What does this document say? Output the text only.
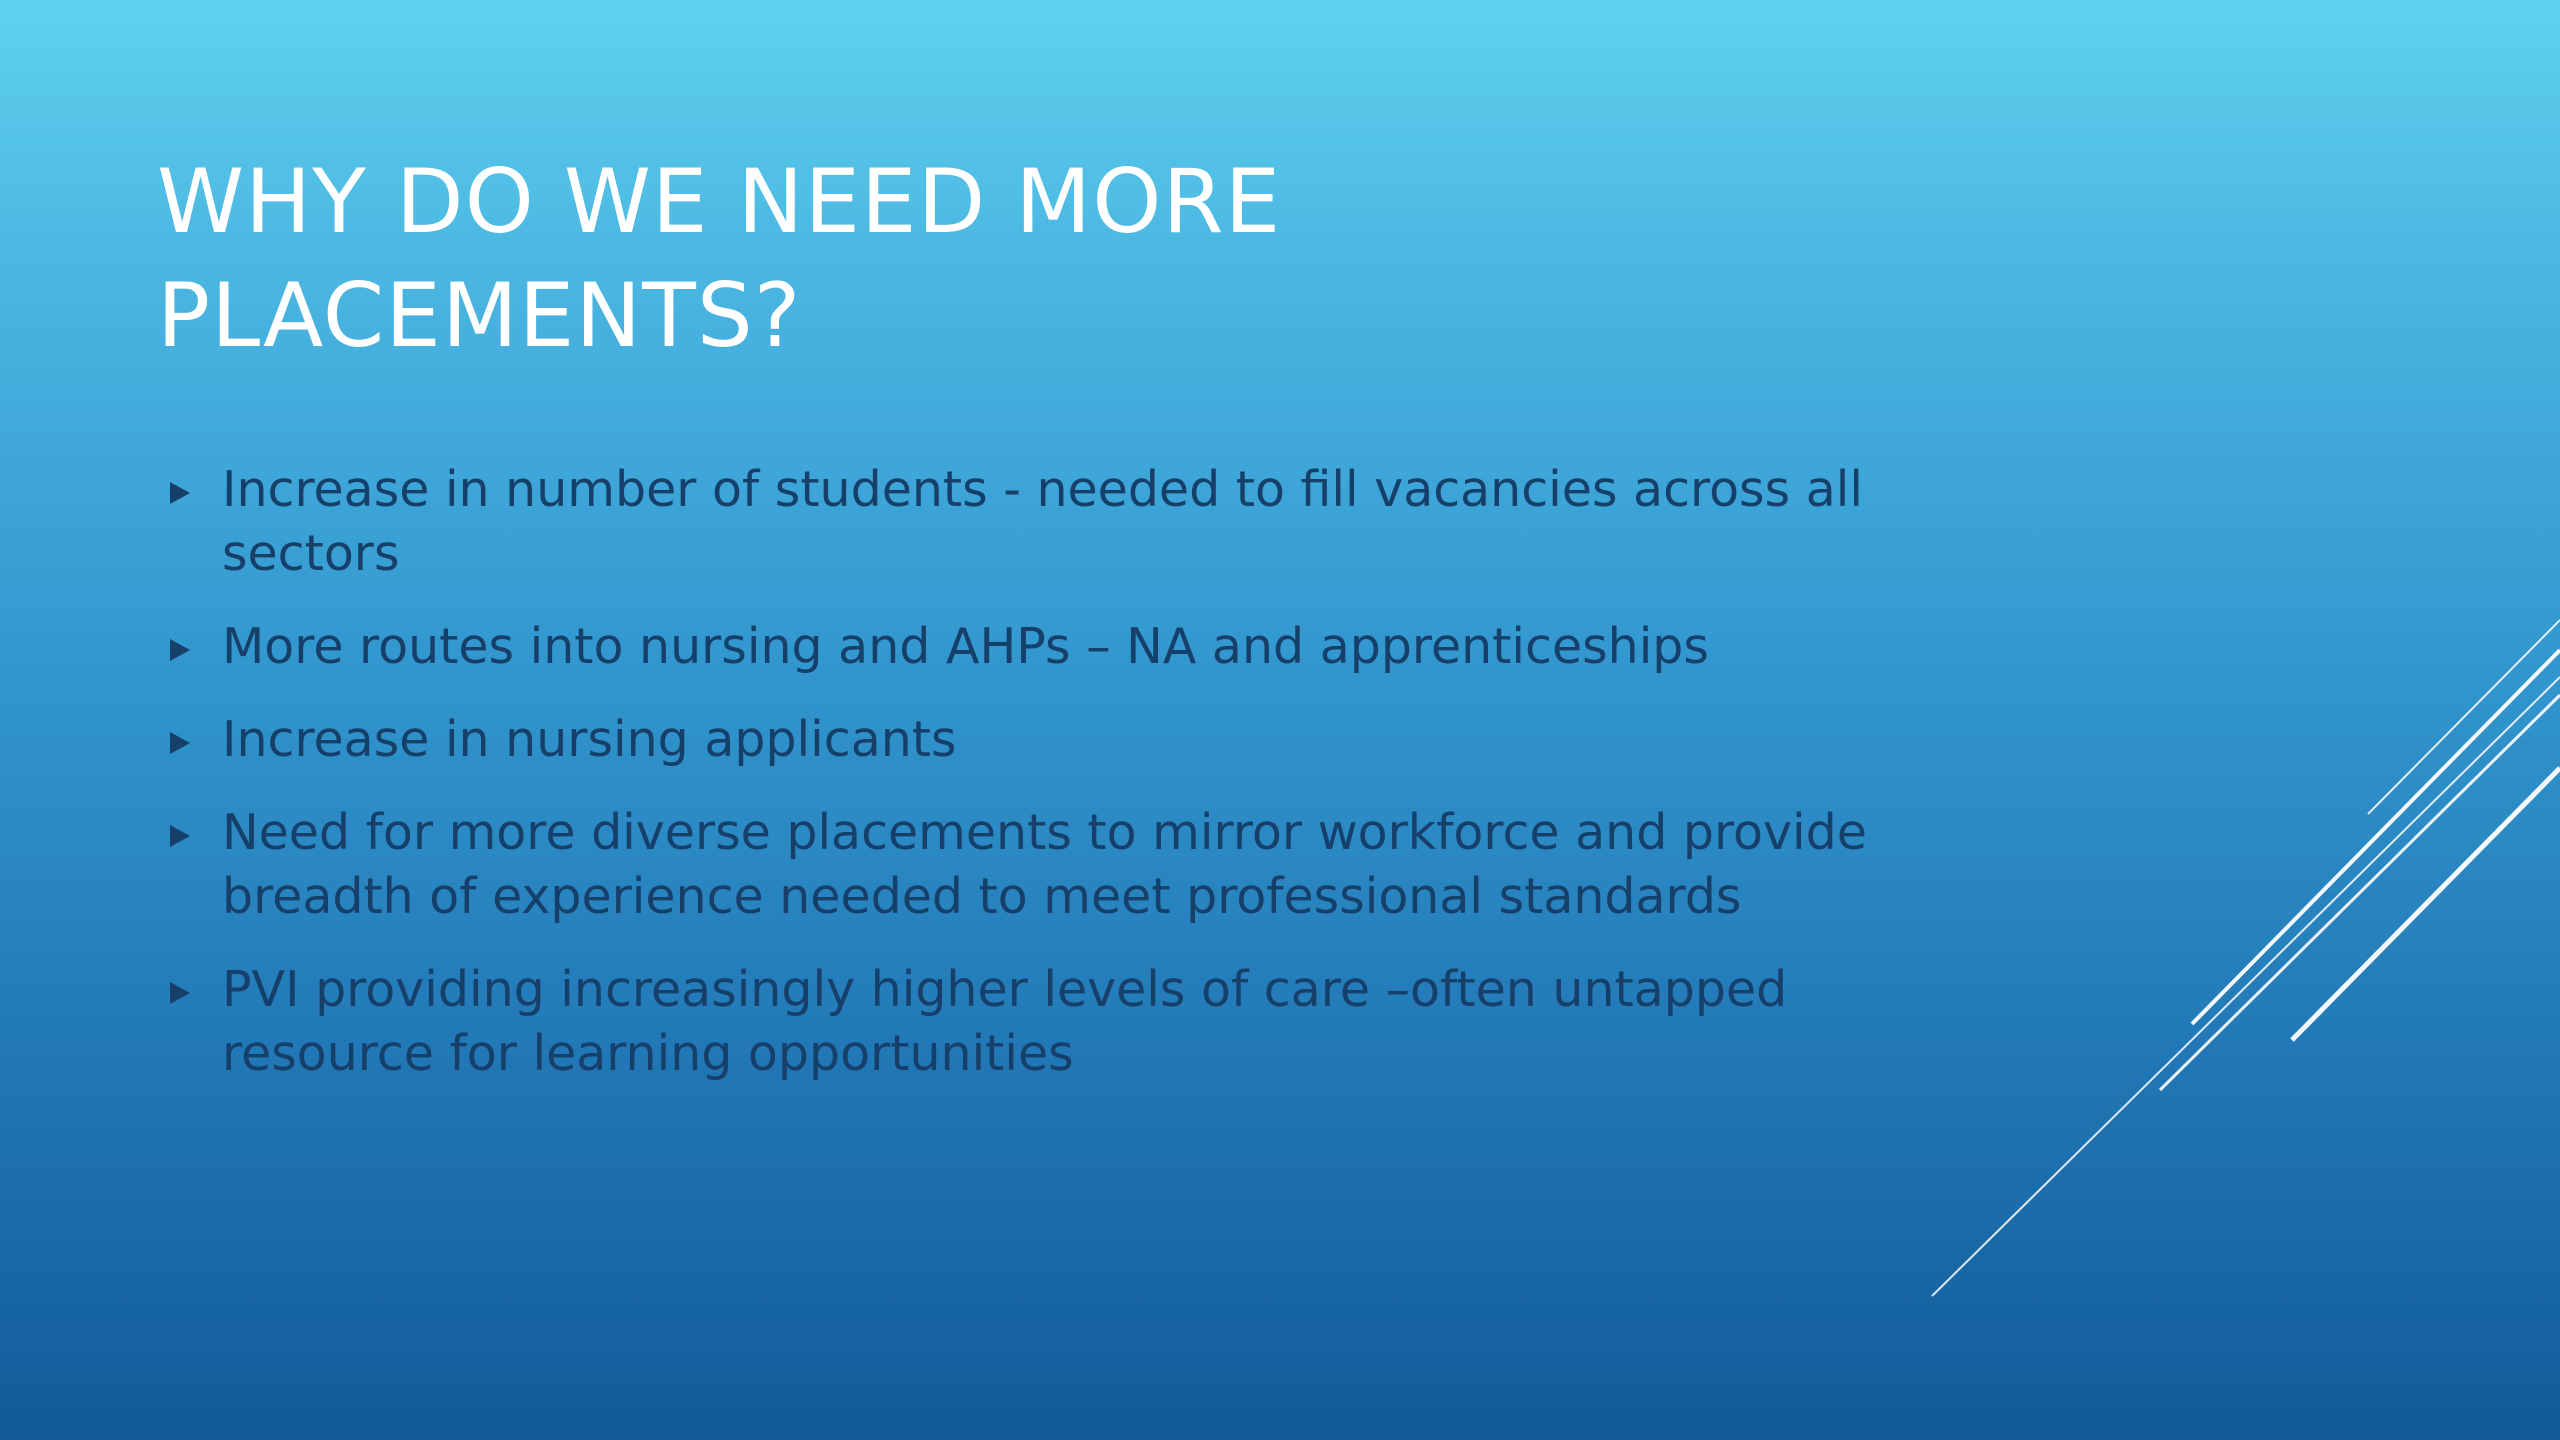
WHY DO WE NEED MORE
PLACEMENTS?
Increase in number of students - needed to fill vacancies across all sectors
More routes into nursing and AHPs – NA and apprenticeships
Increase in nursing applicants
Need for more diverse placements to mirror workforce and provide breadth of experience needed to meet professional standards
PVI providing increasingly higher levels of care –often untapped resource for learning opportunities
